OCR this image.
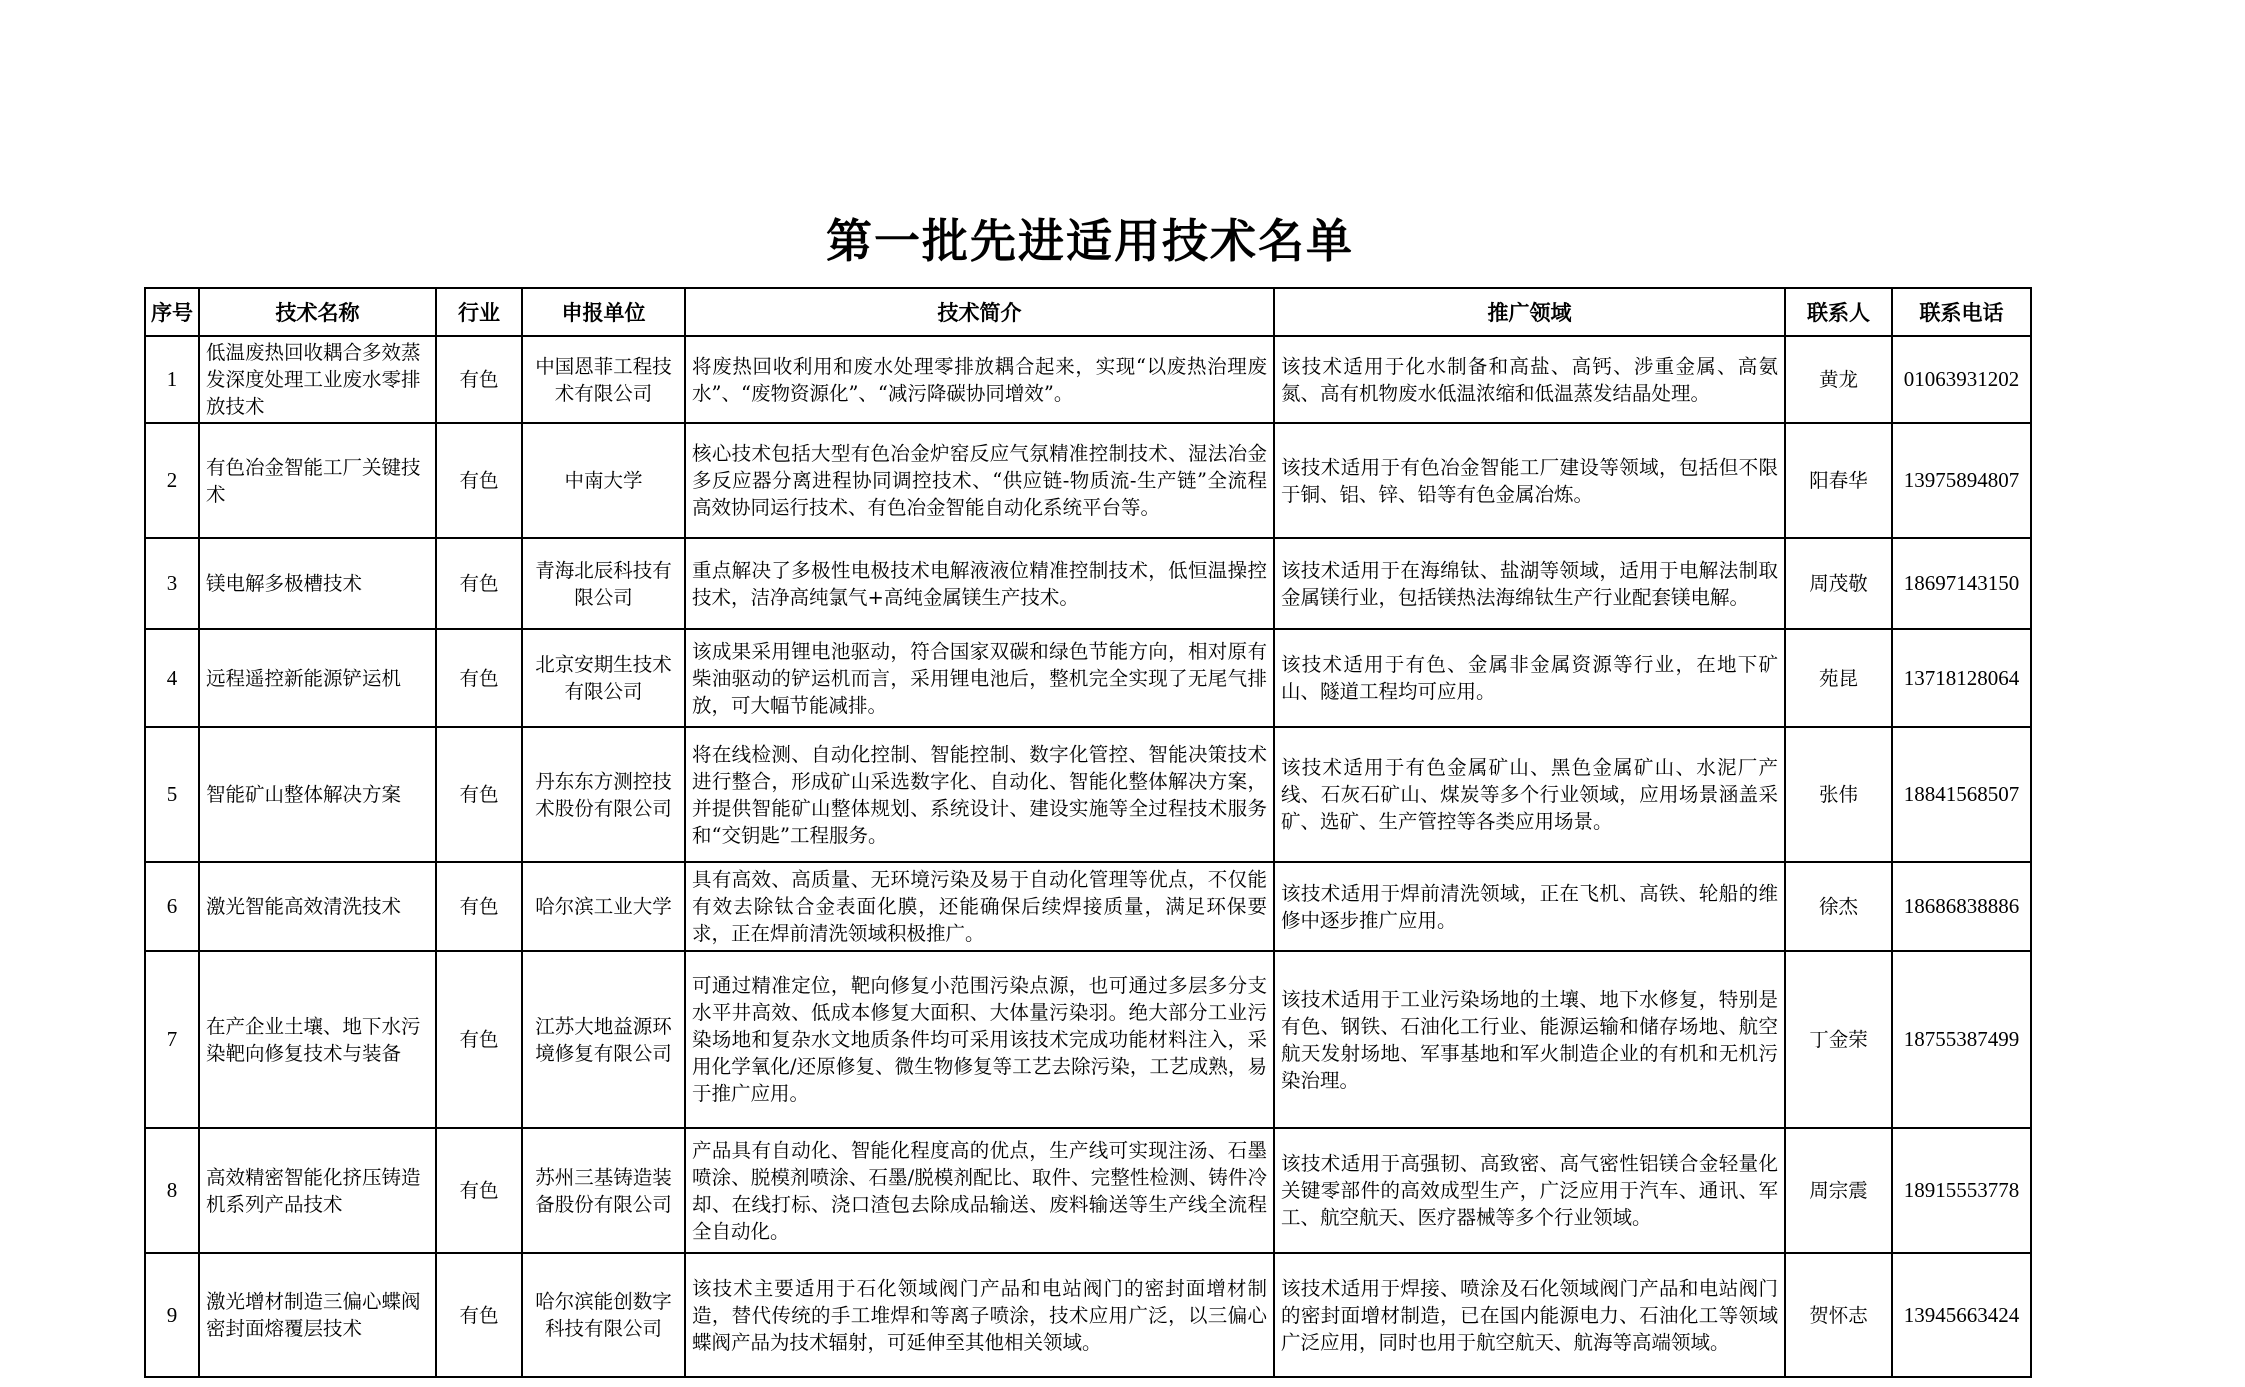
第一批先进适用技术名单
序号	技术名称	行业	申报单位	技术简介	推广领域	联系人	联系电话
1	低温废热回收耦合多效蒸发深度处理工业废水零排放技术	有色	中国恩菲工程技术有限公司	将废热回收利用和废水处理零排放耦合起来，实现“以废热治理废水”、“废物资源化”、“减污降碳协同增效”。	该技术适用于化水制备和高盐、高钙、涉重金属、高氨氮、高有机物废水低温浓缩和低温蒸发结晶处理。	黄龙	01063931202
2	有色冶金智能工厂关键技术	有色	中南大学	核心技术包括大型有色冶金炉窑反应气氛精准控制技术、湿法冶金多反应器分离进程协同调控技术、“供应链-物质流-生产链”全流程高效协同运行技术、有色冶金智能自动化系统平台等。	该技术适用于有色冶金智能工厂建设等领域，包括但不限于铜、铝、锌、铅等有色金属冶炼。	阳春华	13975894807
3	镁电解多极槽技术	有色	青海北辰科技有限公司	重点解决了多极性电极技术电解液液位精准控制技术，低恒温操控技术，洁净高纯氯气+高纯金属镁生产技术。	该技术适用于在海绵钛、盐湖等领域，适用于电解法制取金属镁行业，包括镁热法海绵钛生产行业配套镁电解。	周茂敬	18697143150
4	远程遥控新能源铲运机	有色	北京安期生技术有限公司	该成果采用锂电池驱动，符合国家双碳和绿色节能方向，相对原有柴油驱动的铲运机而言，采用锂电池后，整机完全实现了无尾气排放，可大幅节能减排。	该技术适用于有色、金属非金属资源等行业，在地下矿山、隧道工程均可应用。	苑昆	13718128064
5	智能矿山整体解决方案	有色	丹东东方测控技术股份有限公司	将在线检测、自动化控制、智能控制、数字化管控、智能决策技术进行整合，形成矿山采选数字化、自动化、智能化整体解决方案，并提供智能矿山整体规划、系统设计、建设实施等全过程技术服务和“交钥匙”工程服务。	该技术适用于有色金属矿山、黑色金属矿山、水泥厂产线、石灰石矿山、煤炭等多个行业领域，应用场景涵盖采矿、选矿、生产管控等各类应用场景。	张伟	18841568507
6	激光智能高效清洗技术	有色	哈尔滨工业大学	具有高效、高质量、无环境污染及易于自动化管理等优点，不仅能有效去除钛合金表面化膜，还能确保后续焊接质量，满足环保要求，正在焊前清洗领域积极推广。	该技术适用于焊前清洗领域，正在飞机、高铁、轮船的维修中逐步推广应用。	徐杰	18686838886
7	在产企业土壤、地下水污染靶向修复技术与装备	有色	江苏大地益源环境修复有限公司	可通过精准定位，靶向修复小范围污染点源，也可通过多层多分支水平井高效、低成本修复大面积、大体量污染羽。绝大部分工业污染场地和复杂水文地质条件均可采用该技术完成功能材料注入，采用化学氧化/还原修复、微生物修复等工艺去除污染，工艺成熟，易于推广应用。	该技术适用于工业污染场地的土壤、地下水修复，特别是有色、钢铁、石油化工行业、能源运输和储存场地、航空航天发射场地、军事基地和军火制造企业的有机和无机污染治理。	丁金荣	18755387499
8	高效精密智能化挤压铸造机系列产品技术	有色	苏州三基铸造装备股份有限公司	产品具有自动化、智能化程度高的优点，生产线可实现注汤、石墨喷涂、脱模剂喷涂、石墨/脱模剂配比、取件、完整性检测、铸件冷却、在线打标、浇口渣包去除成品输送、废料输送等生产线全流程全自动化。	该技术适用于高强韧、高致密、高气密性铝镁合金轻量化关键零部件的高效成型生产，广泛应用于汽车、通讯、军工、航空航天、医疗器械等多个行业领域。	周宗震	18915553778
9	激光增材制造三偏心蝶阀密封面熔覆层技术	有色	哈尔滨能创数字科技有限公司	该技术主要适用于石化领域阀门产品和电站阀门的密封面增材制造，替代传统的手工堆焊和等离子喷涂，技术应用广泛，以三偏心蝶阀产品为技术辐射，可延伸至其他相关领域。	该技术适用于焊接、喷涂及石化领域阀门产品和电站阀门的密封面增材制造，已在国内能源电力、石油化工等领域广泛应用，同时也用于航空航天、航海等高端领域。	贺怀志	13945663424
